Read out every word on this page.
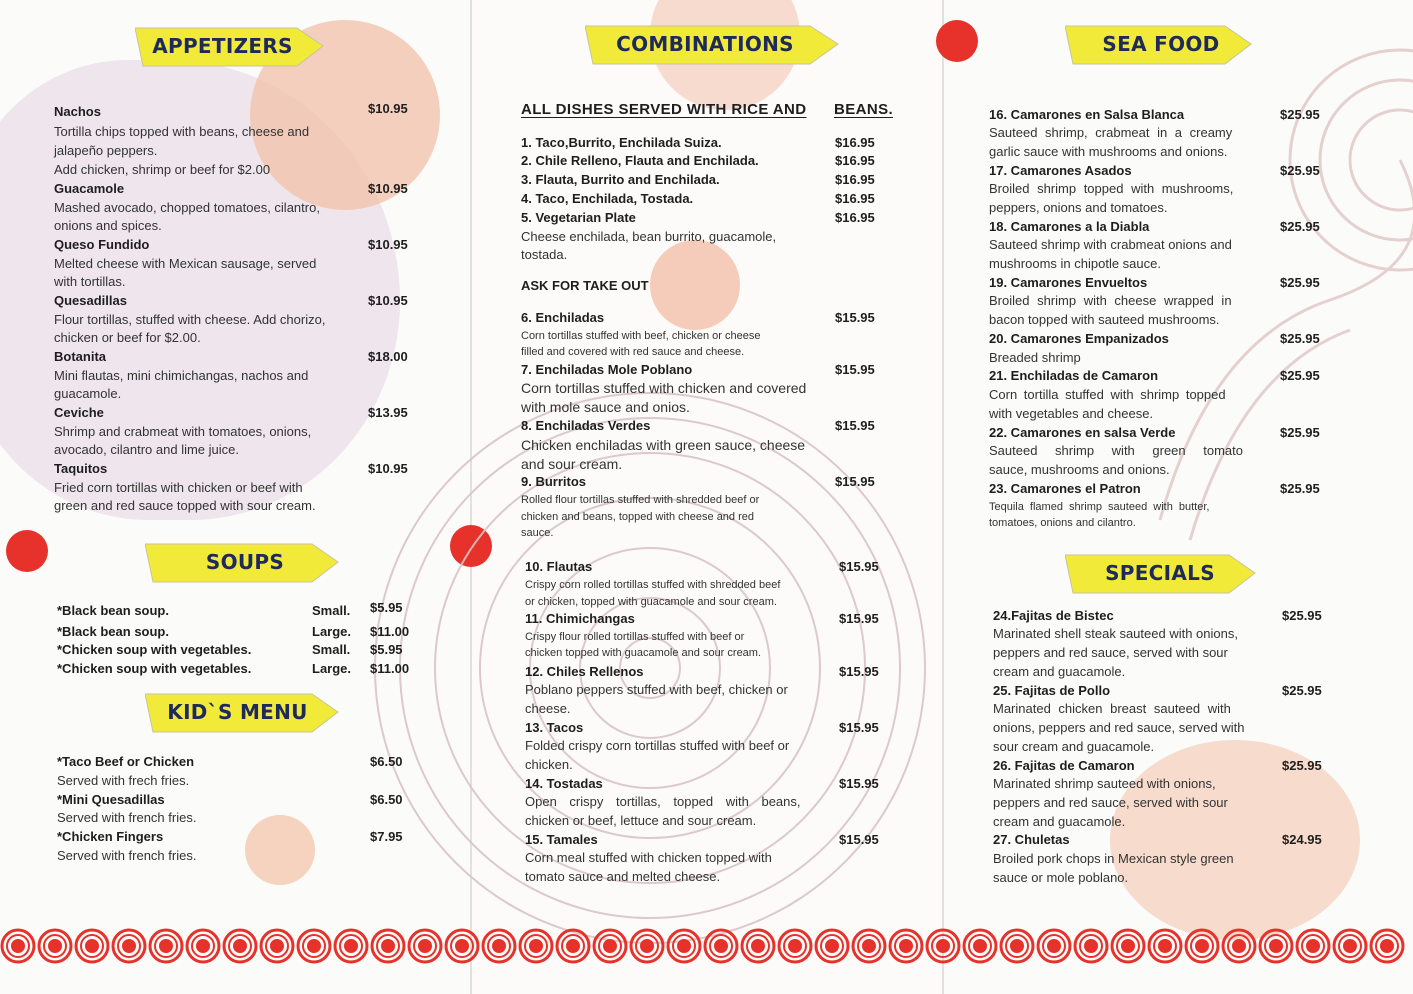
APPETIZERS	COMBINATIONS	SEA FOOD
SOUPS
KID`S MENU
SPECIALS
Nachos	$10.95
Tortilla chips topped with beans, cheese and
jalapeño peppers.
Add chicken, shrimp or beef for $2.00
Guacamole	$10.95
Mashed avocado, chopped tomatoes, cilantro,
onions and spices.
Queso Fundido	$10.95
Melted cheese with Mexican sausage, served
with tortillas.
Quesadillas	$10.95
Flour tortillas, stuffed with cheese. Add chorizo,
chicken or beef for $2.00.
Botanita	$18.00
Mini flautas, mini chimichangas, nachos and
guacamole.
Ceviche	$13.95
Shrimp and crabmeat with tomatoes, onions,
avocado, cilantro and lime juice.
Taquitos	$10.95
Fried corn tortillas with chicken or beef with
green and red sauce topped with sour cream.
*Black bean soup.	Small. $5.95
*Black bean soup.	Large. $11.00
*Chicken soup with vegetables.	Small. $5.95
*Chicken soup with vegetables.	Large. $11.00
*Taco Beef or Chicken	$6.50
Served with frech fries.
*Mini Quesadillas	$6.50
Served with french fries.
*Chicken Fingers	$7.95
Served with french fries.
ALL DISHES SERVED WITH RICE AND BEANS.
1. Taco,Burrito, Enchilada Suiza.	$16.95
2. Chile Relleno, Flauta and Enchilada.	$16.95
3. Flauta, Burrito and Enchilada.	$16.95
4. Taco, Enchilada, Tostada.	$16.95
5. Vegetarian Plate	$16.95
Cheese enchilada, bean burrito, guacamole,
tostada.
ASK FOR TAKE OUT
6. Enchiladas	$15.95
Corn tortillas stuffed with beef, chicken or cheese
filled and covered with red sauce and cheese.
7. Enchiladas Mole Poblano	$15.95
Corn tortillas stuffed with chicken and covered
with mole sauce and onios.
8. Enchiladas Verdes	$15.95
Chicken enchiladas with green sauce, cheese
and sour cream.
9. Burritos	$15.95
Rolled flour tortillas stuffed with shredded beef or
chicken and beans, topped with cheese and red
sauce.
10. Flautas	$15.95
Crispy corn rolled tortillas stuffed with shredded beef
or chicken, topped with guacamole and sour cream.
11. Chimichangas	$15.95
Crispy flour rolled tortillas stuffed with beef or
chicken topped with guacamole and sour cream.
12. Chiles Rellenos	$15.95
Poblano peppers stuffed with beef, chicken or
cheese.
13. Tacos	$15.95
Folded crispy corn tortillas stuffed with beef or
chicken.
14. Tostadas	$15.95
Open crispy tortillas, topped with beans,
chicken or beef, lettuce and sour cream.
15. Tamales	$15.95
Corn meal stuffed with chicken topped with
tomato sauce and melted cheese.
16. Camarones en Salsa Blanca	$25.95
Sauteed shrimp, crabmeat in a creamy
garlic sauce with mushrooms and onions.
17. Camarones Asados	$25.95
Broiled shrimp topped with mushrooms,
peppers, onions and tomatoes.
18. Camarones a la Diabla	$25.95
Sauteed shrimp with crabmeat onions and
mushrooms in chipotle sauce.
19. Camarones Envueltos	$25.95
Broiled shrimp with cheese wrapped in
bacon topped with sauteed mushrooms.
20. Camarones Empanizados	$25.95
Breaded shrimp
21. Enchiladas de Camaron	$25.95
Corn tortilla stuffed with shrimp topped
with vegetables and cheese.
22. Camarones en salsa Verde	$25.95
Sauteed shrimp with green tomato
sauce, mushrooms and onions.
23. Camarones el Patron	$25.95
Tequila flamed shrimp sauteed with butter,
tomatoes, onions and cilantro.
24.Fajitas de Bistec	$25.95
Marinated shell steak sauteed with onions,
peppers and red sauce, served with sour
cream and guacamole.
25. Fajitas de Pollo	$25.95
Marinated chicken breast sauteed with
onions, peppers and red sauce, served with
sour cream and guacamole.
26. Fajitas de Camaron	$25.95
Marinated shrimp sauteed with onions,
peppers and red sauce, served with sour
cream and guacamole.
27. Chuletas	$24.95
Broiled pork chops in Mexican style green
sauce or mole poblano.
